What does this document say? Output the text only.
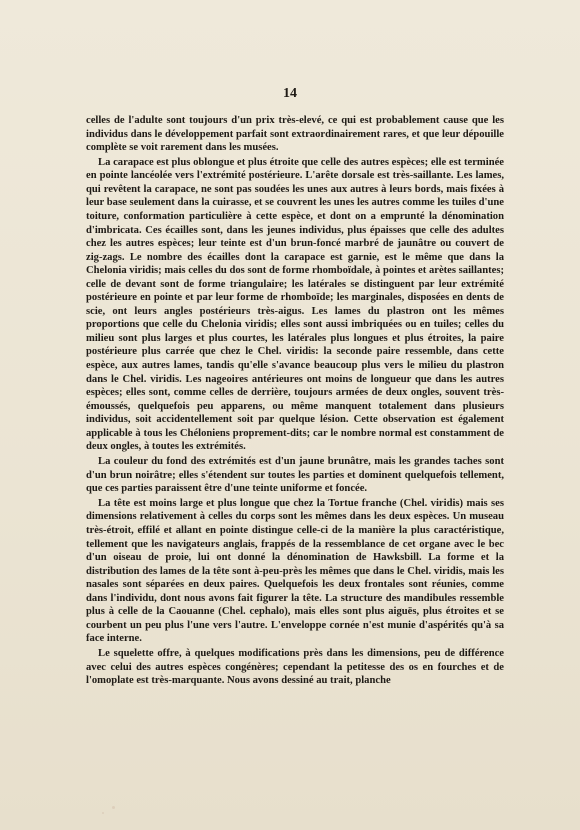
14

celles de l'adulte sont toujours d'un prix très-elevé, ce qui est probablement cause que les individus dans le développement parfait sont extraordinairement rares, et que leur dépouille complète se voit rarement dans les musées.

La carapace est plus oblongue et plus étroite que celle des autres espèces; elle est terminée en pointe lancéolée vers l'extrémité postérieure. L'arête dorsale est très-saillante. Les lames, qui revêtent la carapace, ne sont pas soudées les unes aux autres à leurs bords, mais fixées à leur base seulement dans la cuirasse, et se couvrent les unes les autres comme les tuiles d'une toiture, conformation particulière à cette espèce, et dont on a emprunté la dénomination d'imbricata. Ces écailles sont, dans les jeunes individus, plus épaisses que celle des adultes chez les autres espèces; leur teinte est d'un brun-foncé marbré de jaunâtre ou couvert de zig-zags. Le nombre des écailles dont la carapace est garnie, est le même que dans la Chelonia viridis; mais celles du dos sont de forme rhomboïdale, à pointes et arètes saillantes; celle de devant sont de forme triangulaire; les latérales se distinguent par leur extrémité postérieure en pointe et par leur forme de rhomboïde; les marginales, disposées en dents de scie, ont leurs angles postérieurs très-aigus. Les lames du plastron ont les mêmes proportions que celle du Chelonia viridis; elles sont aussi imbriquées ou en tuiles; celles du milieu sont plus larges et plus courtes, les latérales plus longues et plus étroites, la paire postérieure plus carrée que chez le Chel. viridis: la seconde paire ressemble, dans cette espèce, aux autres lames, tandis qu'elle s'avance beaucoup plus vers le milieu du plastron dans le Chel. viridis. Les nageoires antérieures ont moins de longueur que dans les autres espèces; elles sont, comme celles de derrière, toujours armées de deux ongles, souvent très-émoussés, quelquefois peu apparens, ou même manquent totalement dans plusieurs individus, soit accidentellement soit par quelque lésion. Cette observation est également applicable à tous les Chéloniens proprement-dits; car le nombre normal est constamment de deux ongles, à toutes les extrémités.

La couleur du fond des extrémités est d'un jaune brunâtre, mais les grandes taches sont d'un brun noirâtre; elles s'étendent sur toutes les parties et dominent quelquefois tellement, que ces parties paraissent être d'une teinte uniforme et foncée.

La tête est moins large et plus longue que chez la Tortue franche (Chel. viridis) mais ses dimensions relativement à celles du corps sont les mêmes dans les deux espèces. Un museau très-étroit, effilé et allant en pointe distingue celle-ci de la manière la plus caractéristique, tellement que les navigateurs anglais, frappés de la ressemblance de cet organe avec le bec d'un oiseau de proie, lui ont donné la dénomination de Hawksbill. La forme et la distribution des lames de la tête sont à-peu-près les mêmes que dans le Chel. viridis, mais les nasales sont séparées en deux paires. Quelquefois les deux frontales sont réunies, comme dans l'individu, dont nous avons fait figurer la tête. La structure des mandibules ressemble plus à celle de la Caouanne (Chel. cephalo), mais elles sont plus aiguës, plus étroites et se courbent un peu plus l'une vers l'autre. L'enveloppe cornée n'est munie d'aspérités qu'à sa face interne.

Le squelette offre, à quelques modifications près dans les dimensions, peu de différence avec celui des autres espèces congénères; cependant la petitesse des os en fourches et de l'omoplate est très-marquante. Nous avons dessiné au trait, planche
